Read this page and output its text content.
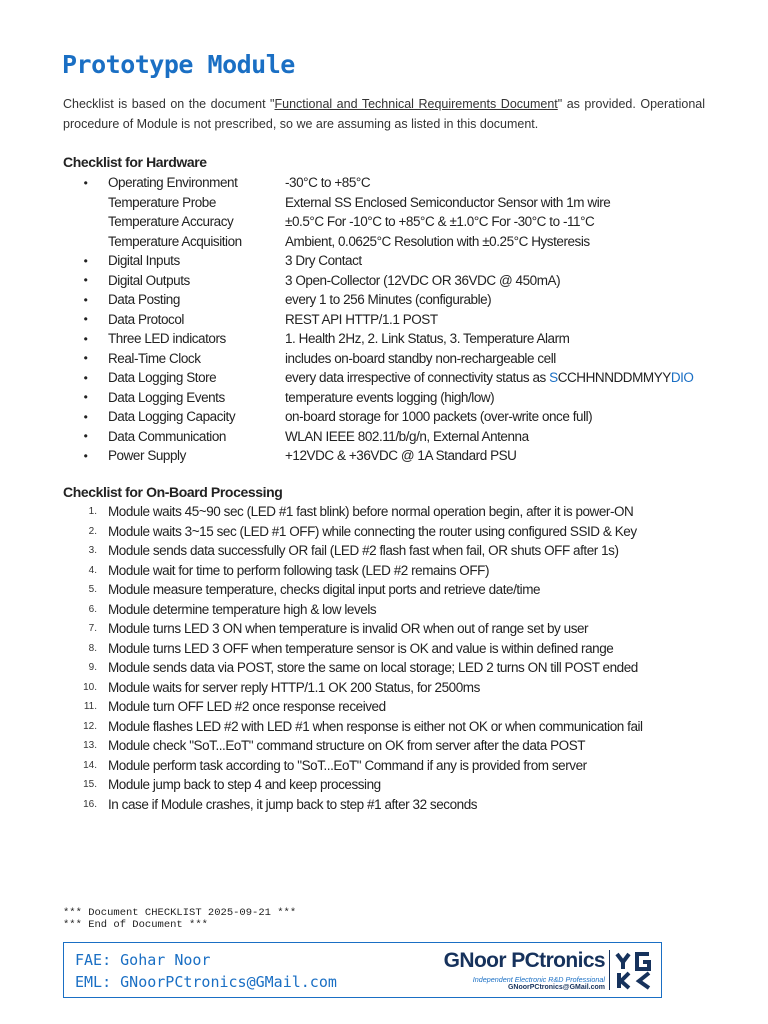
Prototype Module

Checklist is based on the document "Functional and Technical Requirements Document" as provided. Operational procedure of Module is not prescribed, so we are assuming as listed in this document.

Checklist for Hardware
•	Operating Environment	-30°C to +85°C
Temperature Probe	External SS Enclosed Semiconductor Sensor with 1m wire
Temperature Accuracy	±0.5°C For -10°C to +85°C & ±1.0°C For -30°C to -11°C
Temperature Acquisition	Ambient, 0.0625°C Resolution with ±0.25°C Hysteresis
•	Digital Inputs	3 Dry Contact
•	Digital Outputs	3 Open-Collector (12VDC OR 36VDC @ 450mA)
•	Data Posting	every 1 to 256 Minutes (configurable)
•	Data Protocol	REST API HTTP/1.1 POST
•	Three LED indicators	1. Health 2Hz, 2. Link Status, 3. Temperature Alarm
•	Real-Time Clock	includes on-board standby non-rechargeable cell
•	Data Logging Store	every data irrespective of connectivity status as SCCHHNNDDMMYYDIO
•	Data Logging Events	temperature events logging (high/low)
•	Data Logging Capacity	on-board storage for 1000 packets (over-write once full)
•	Data Communication	WLAN IEEE 802.11/b/g/n, External Antenna
•	Power Supply	+12VDC & +36VDC @ 1A Standard PSU
Checklist for On-Board Processing
1. Module waits 45~90 sec (LED #1 fast blink) before normal operation begin, after it is power-ON
2. Module waits 3~15 sec (LED #1 OFF) while connecting the router using configured SSID & Key
3. Module sends data successfully OR fail (LED #2 flash fast when fail, OR shuts OFF after 1s)
4. Module wait for time to perform following task (LED #2 remains OFF)
5. Module measure temperature, checks digital input ports and retrieve date/time
6. Module determine temperature high & low levels
7. Module turns LED 3 ON when temperature is invalid OR when out of range set by user
8. Module turns LED 3 OFF when temperature sensor is OK and value is within defined range
9. Module sends data via POST, store the same on local storage; LED 2 turns ON till POST ended
10. Module waits for server reply HTTP/1.1 OK 200 Status, for 2500ms
11. Module turn OFF LED #2 once response received
12. Module flashes LED #2 with LED #1 when response is either not OK or when communication fail
13. Module check "SoT...EoT" command structure on OK from server after the data POST
14. Module perform task according to "SoT...EoT" Command if any is provided from server
15. Module jump back to step 4 and keep processing
16. In case if Module crashes, it jump back to step #1 after 32 seconds
*** Document CHECKLIST 2025-09-21 ***
*** End of Document ***
FAE: Gohar Noor
EML: GNoorPCtronics@GMail.com
GNoor PCtronics
Independent Electronic R&D Professional
GNoorPCtronics@GMail.com
